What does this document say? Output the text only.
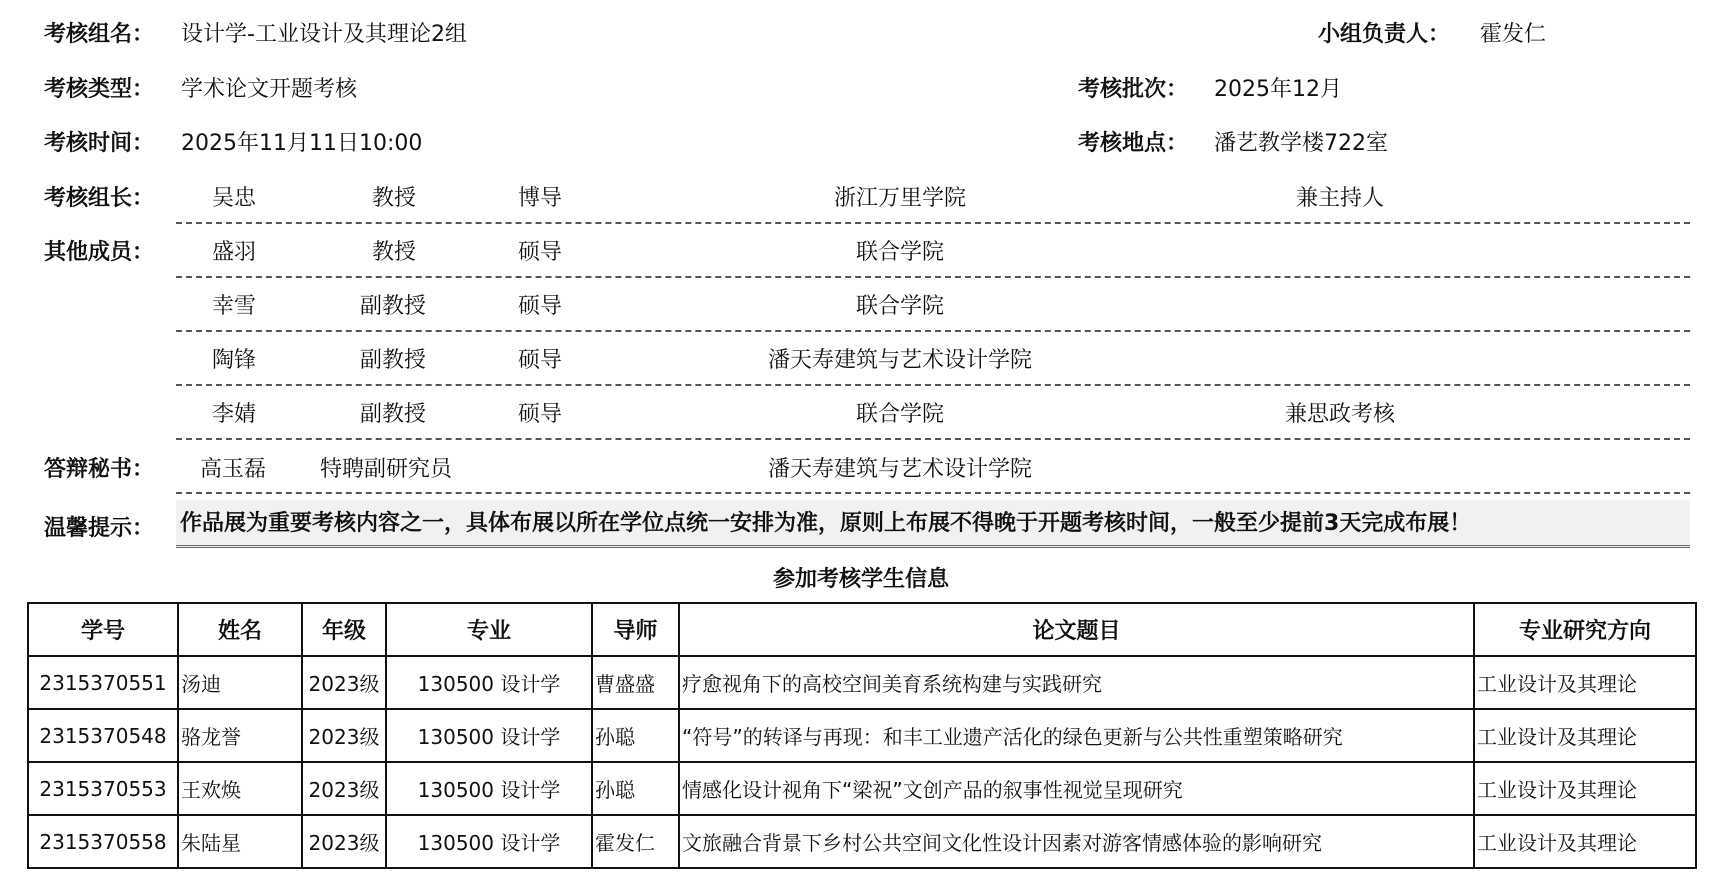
考核组名： 设计学-工业设计及其理论2组	小组负责人： 霍发仁
考核类型： 学术论文开题考核	考核批次： 2025年12月
考核时间： 2025年11月11日10:00	考核地点： 潘艺教学楼722室
考核组长：	吴忠	教授	博导	浙江万里学院	兼主持人
其他成员：	盛羽	教授	硕导	联合学院
幸雪	副教授	硕导	联合学院
陶锋	副教授	硕导	潘天寿建筑与艺术设计学院
李婧	副教授	硕导	联合学院	兼思政考核
答辩秘书： 高玉磊 特聘副研究员	潘天寿建筑与艺术设计学院
温馨提示： 作品展为重要考核内容之一，具体布展以所在学位点统一安排为准，原则上布展不得晚于开题考核时间，一般至少提前3天完成布展！
参加考核学生信息
学号	姓名	年级	专业	导师	论文题目	专业研究方向
2315370551	汤迪	2023级	130500 设计学	曹盛盛	疗愈视角下的高校空间美育系统构建与实践研究	工业设计及其理论
2315370548	骆龙誉	2023级	130500 设计学	孙聪	“符号”的转译与再现：和丰工业遗产活化的绿色更新与公共性重塑策略研究	工业设计及其理论
2315370553	王欢焕	2023级	130500 设计学	孙聪	情感化设计视角下“梁祝”文创产品的叙事性视觉呈现研究	工业设计及其理论
2315370558	朱陆星	2023级	130500 设计学	霍发仁	文旅融合背景下乡村公共空间文化性设计因素对游客情感体验的影响研究	工业设计及其理论
